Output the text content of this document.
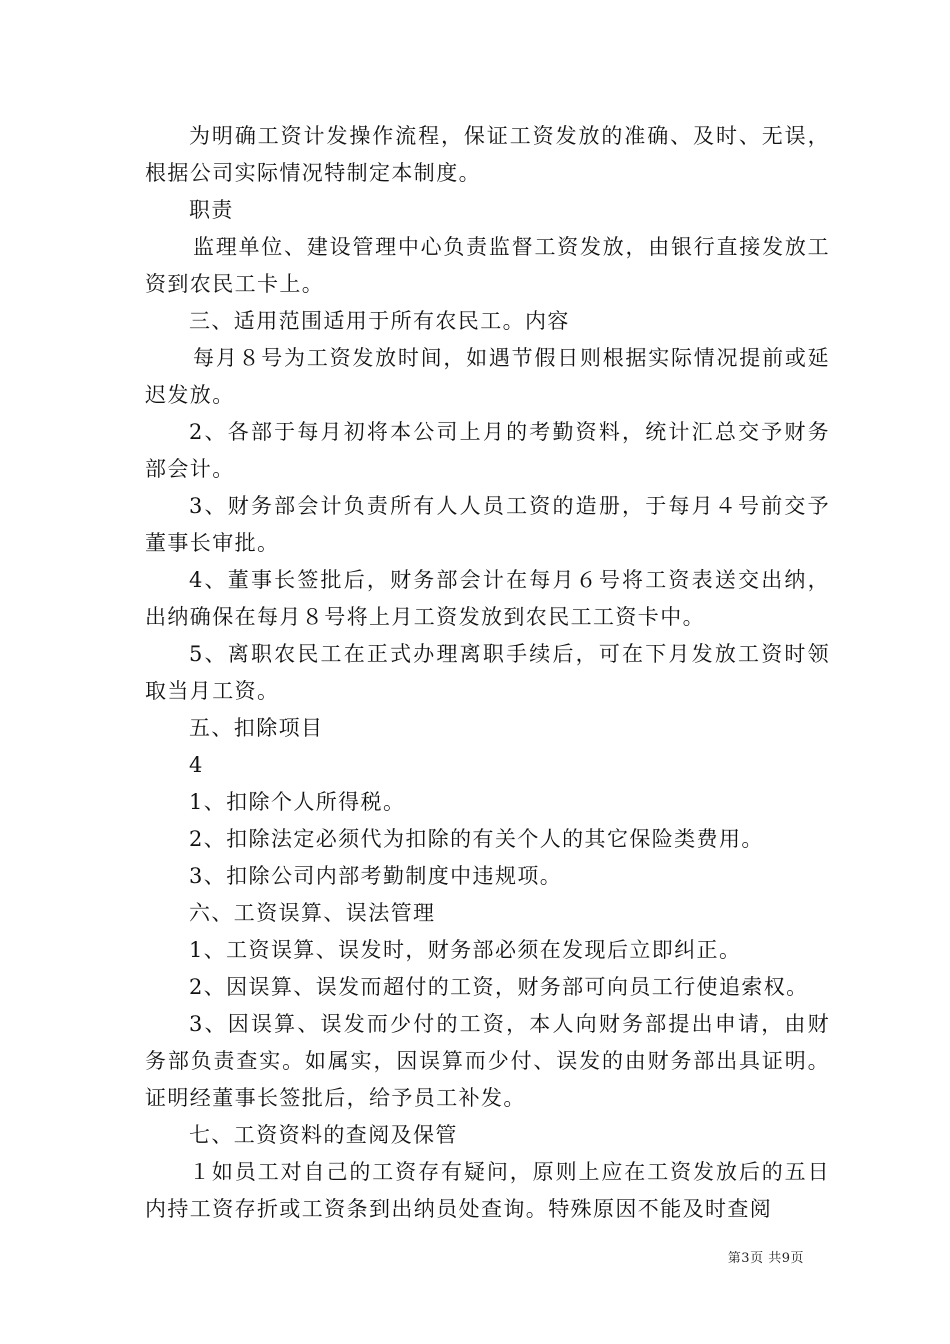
为明确工资计发操作流程，保证工资发放的准确、及时、无误，根据公司实际情况特制定本制度。

职责

监理单位、建设管理中心负责监督工资发放，由银行直接发放工资到农民工卡上。

三、适用范围适用于所有农民工。内容

每月８号为工资发放时间，如遇节假日则根据实际情况提前或延迟发放。

2、各部于每月初将本公司上月的考勤资料，统计汇总交予财务部会计。

3、财务部会计负责所有人人员工资的造册，于每月４号前交予董事长审批。

4、董事长签批后，财务部会计在每月６号将工资表送交出纳，出纳确保在每月８号将上月工资发放到农民工工资卡中。

5、离职农民工在正式办理离职手续后，可在下月发放工资时领取当月工资。

五、扣除项目

4

1、扣除个人所得税。

2、扣除法定必须代为扣除的有关个人的其它保险类费用。

3、扣除公司内部考勤制度中违规项。

六、工资误算、误法管理

1、工资误算、误发时，财务部必须在发现后立即纠正。

2、因误算、误发而超付的工资，财务部可向员工行使追索权。

3、因误算、误发而少付的工资，本人向财务部提出申请，由财务部负责查实。如属实，因误算而少付、误发的由财务部出具证明。证明经董事长签批后，给予员工补发。

七、工资资料的查阅及保管

１如员工对自己的工资存有疑问，原则上应在工资发放后的五日内持工资存折或工资条到出纳员处查询。特殊原因不能及时查阅

第3页 共9页
